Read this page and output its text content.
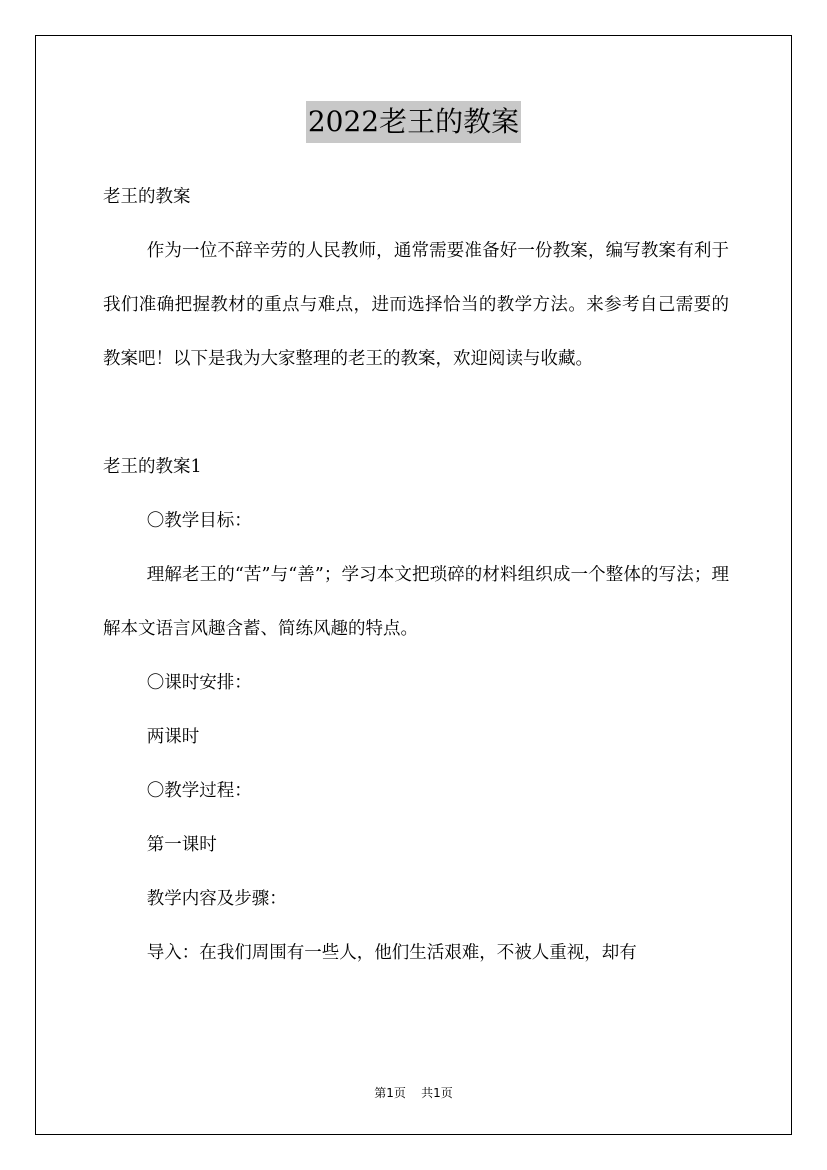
2022老王的教案

老王的教案

作为一位不辞辛劳的人民教师，通常需要准备好一份教案，编写教案有利于我们准确把握教材的重点与难点，进而选择恰当的教学方法。来参考自己需要的教案吧！以下是我为大家整理的老王的教案，欢迎阅读与收藏。

老王的教案1

〇教学目标：

理解老王的“苦”与“善”；学习本文把琐碎的材料组织成一个整体的写法；理解本文语言风趣含蓄、简练风趣的特点。

〇课时安排：

两课时

〇教学过程：

第一课时

教学内容及步骤：

导入：在我们周围有一些人，他们生活艰难，不被人重视，却有

第1页 共1页
